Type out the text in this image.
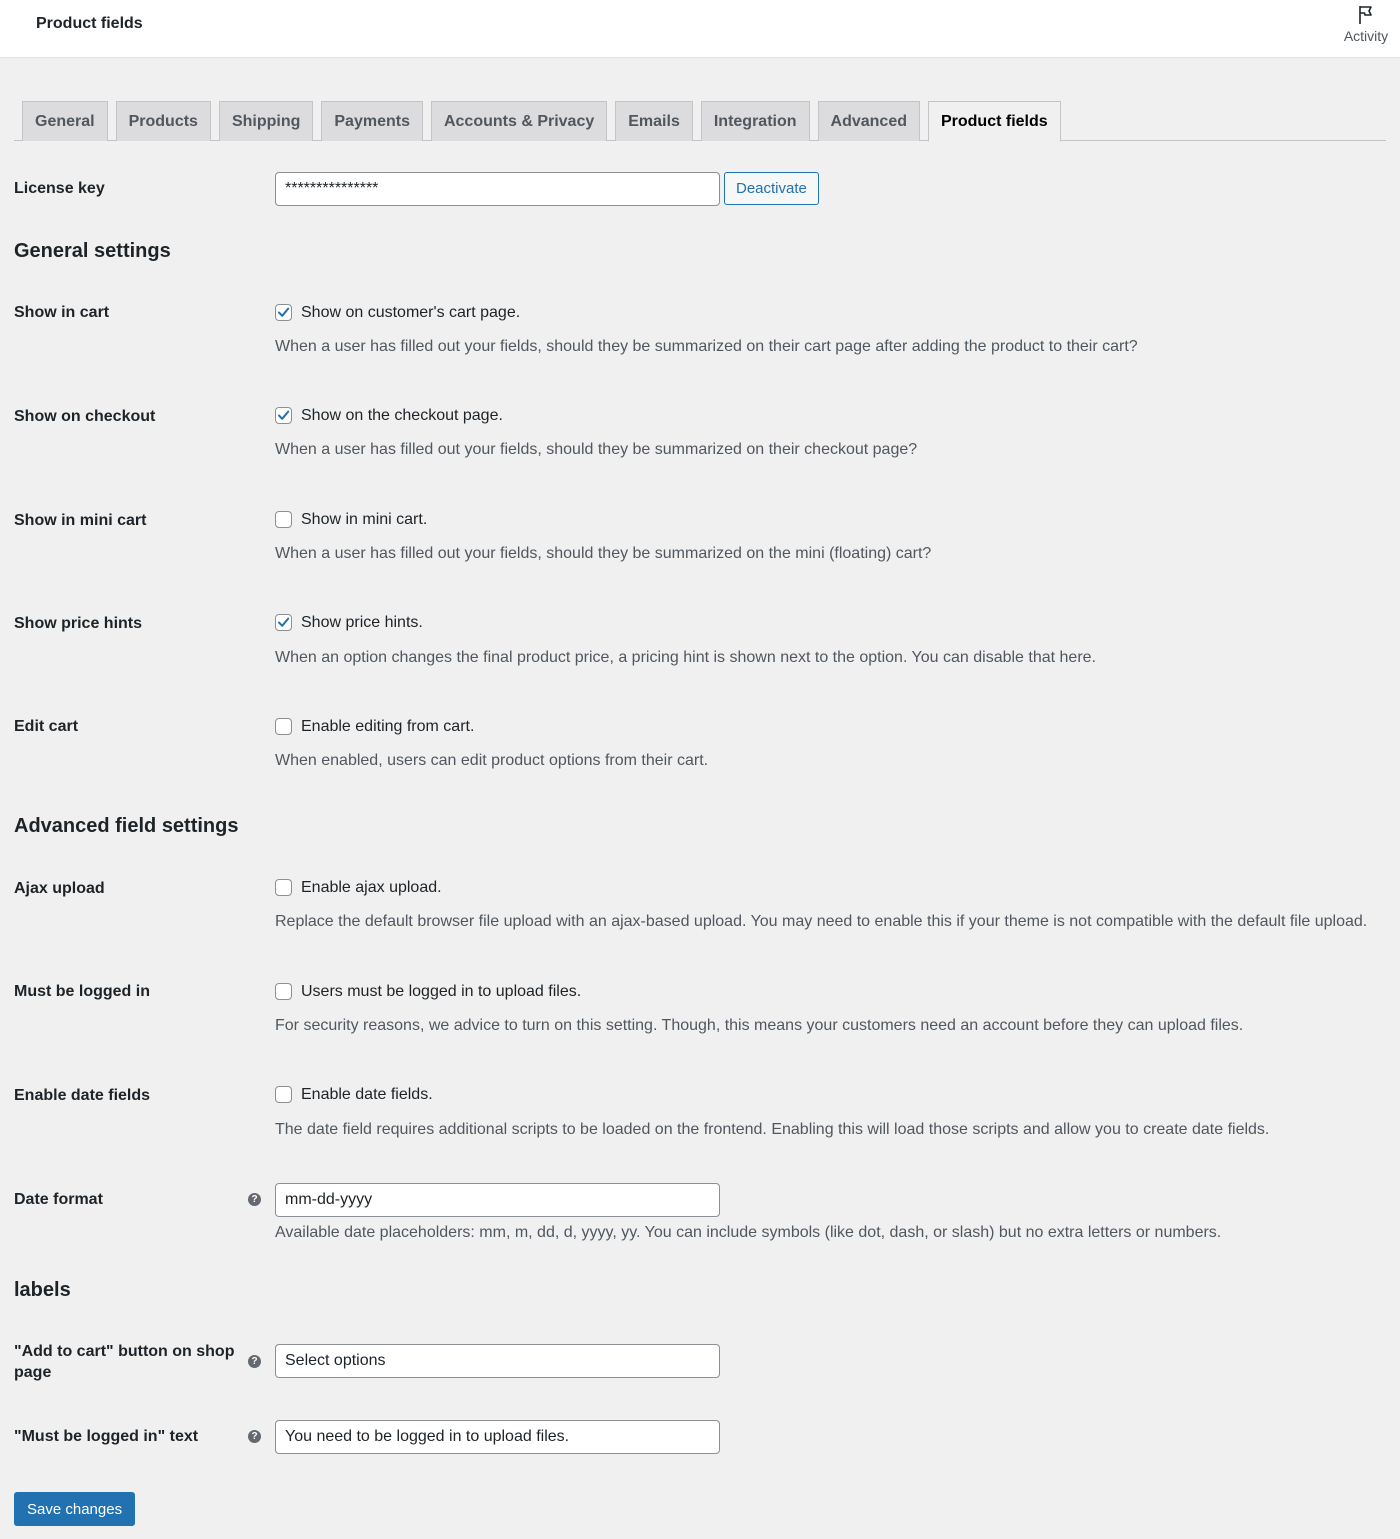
Product fields
Activity
General	Products	Shipping	Payments	Accounts & Privacy	Emails	Integration	Advanced	Product fields
License key	***************	Deactivate
General settings
Show in cart	Show on customer's cart page.
When a user has filled out your fields, should they be summarized on their cart page after adding the product to their cart?
Show on checkout	Show on the checkout page.
When a user has filled out your fields, should they be summarized on their checkout page?
Show in mini cart	Show in mini cart.
When a user has filled out your fields, should they be summarized on the mini (floating) cart?
Show price hints	Show price hints.
When an option changes the final product price, a pricing hint is shown next to the option. You can disable that here.
Edit cart	Enable editing from cart.
When enabled, users can edit product options from their cart.
Advanced field settings
Ajax upload	Enable ajax upload.
Replace the default browser file upload with an ajax-based upload. You may need to enable this if your theme is not compatible with the default file upload.
Must be logged in	Users must be logged in to upload files.
For security reasons, we advice to turn on this setting. Though, this means your customers need an account before they can upload files.
Enable date fields	Enable date fields.
The date field requires additional scripts to be loaded on the frontend. Enabling this will load those scripts and allow you to create date fields.
Date format	?	mm-dd-yyyy
Available date placeholders: mm, m, dd, d, yyyy, yy. You can include symbols (like dot, dash, or slash) but no extra letters or numbers.
labels
"Add to cart" button on shop
page
?	Select options
"Must be logged in" text	?	You need to be logged in to upload files.
Save changes
